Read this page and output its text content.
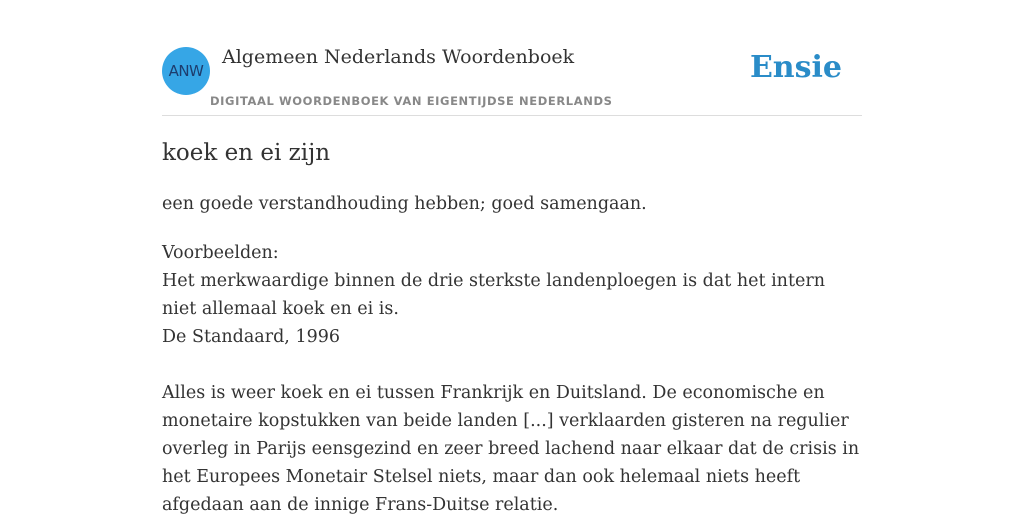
ANW
Algemeen Nederlands Woordenboek
DIGITAAL WOORDENBOEK VAN EIGENTIJDSE NEDERLANDS
Ensie
koek en ei zijn

een goede verstandhouding hebben; goed samengaan.

Voorbeelden:
Het merkwaardige binnen de drie sterkste landenploegen is dat het intern niet allemaal koek en ei is.
De Standaard, 1996
Alles is weer koek en ei tussen Frankrijk en Duitsland. De economische en monetaire kopstukken van beide landen [...] verklaarden gisteren na regulier overleg in Parijs eensgezind en zeer breed lachend naar elkaar dat de crisis in het Europees Monetair Stelsel niets, maar dan ook helemaal niets heeft afgedaan aan de innige Frans-Duitse relatie.
